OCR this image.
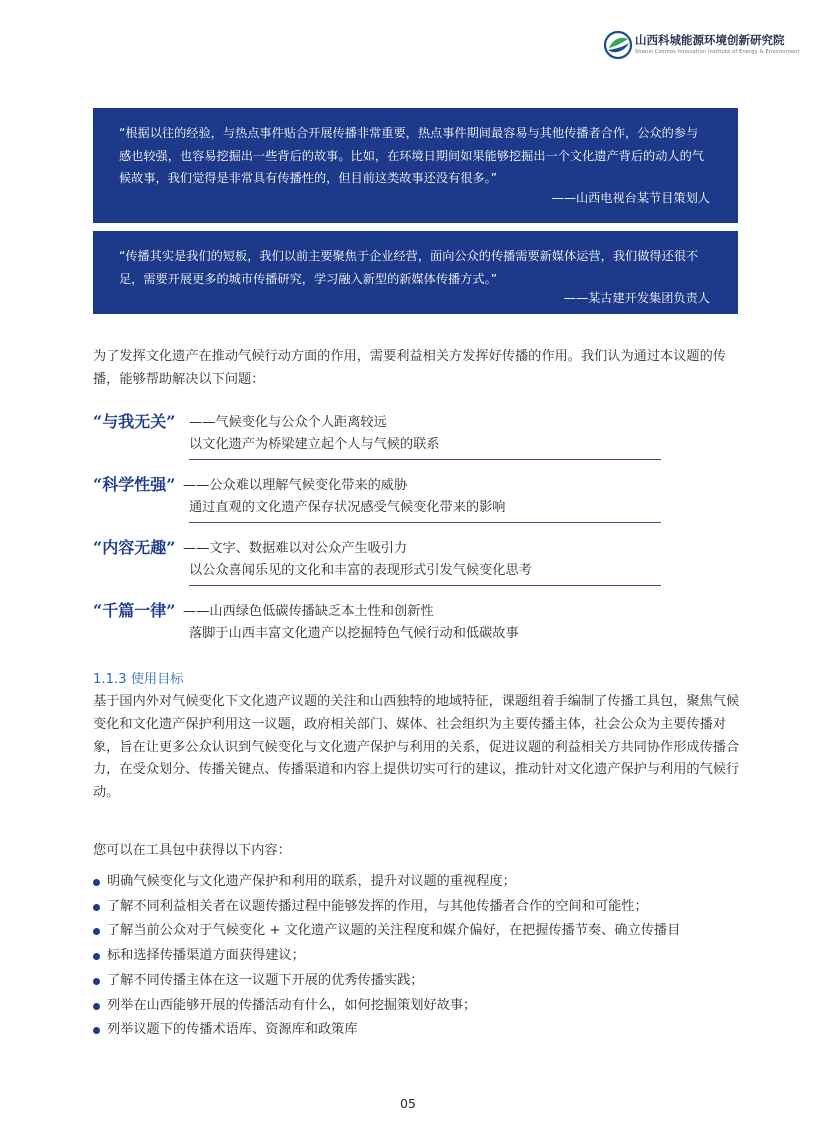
山西科城能源环境创新研究院
Shanxi Cosmos Innovation Institute of Energy & Environment

“根据以往的经验，与热点事件贴合开展传播非常重要，热点事件期间最容易与其他传播者合作，公众的参与感也较强，也容易挖掘出一些背后的故事。比如，在环境日期间如果能够挖掘出一个文化遗产背后的动人的气候故事，我们觉得是非常具有传播性的，但目前这类故事还没有很多。”

——山西电视台某节目策划人

“传播其实是我们的短板，我们以前主要聚焦于企业经营，面向公众的传播需要新媒体运营，我们做得还很不足，需要开展更多的城市传播研究，学习融入新型的新媒体传播方式。”

——某古建开发集团负责人

为了发挥文化遗产在推动气候行动方面的作用，需要利益相关方发挥好传播的作用。我们认为通过本议题的传播，能够帮助解决以下问题：

“与我无关” ——气候变化与公众个人距离较远
以文化遗产为桥梁建立起个人与气候的联系
“科学性强” ——公众难以理解气候变化带来的威胁
通过直观的文化遗产保存状况感受气候变化带来的影响
“内容无趣” ——文字、数据难以对公众产生吸引力
以公众喜闻乐见的文化和丰富的表现形式引发气候变化思考
“千篇一律” ——山西绿色低碳传播缺乏本土性和创新性
落脚于山西丰富文化遗产以挖掘特色气候行动和低碳故事

1.1.3 使用目标

基于国内外对气候变化下文化遗产议题的关注和山西独特的地域特征，课题组着手编制了传播工具包，聚焦气候变化和文化遗产保护利用这一议题，政府相关部门、媒体、社会组织为主要传播主体，社会公众为主要传播对象，旨在让更多公众认识到气候变化与文化遗产保护与利用的关系，促进议题的利益相关方共同协作形成传播合力，在受众划分、传播关键点、传播渠道和内容上提供切实可行的建议，推动针对文化遗产保护与利用的气候行动。

您可以在工具包中获得以下内容：

明确气候变化与文化遗产保护和利用的联系，提升对议题的重视程度；
了解不同利益相关者在议题传播过程中能够发挥的作用，与其他传播者合作的空间和可能性；
了解当前公众对于气候变化 + 文化遗产议题的关注程度和媒介偏好，在把握传播节奏、确立传播目
标和选择传播渠道方面获得建议；
了解不同传播主体在这一议题下开展的优秀传播实践；
列举在山西能够开展的传播活动有什么，如何挖掘策划好故事；
列举议题下的传播术语库、资源库和政策库
05
